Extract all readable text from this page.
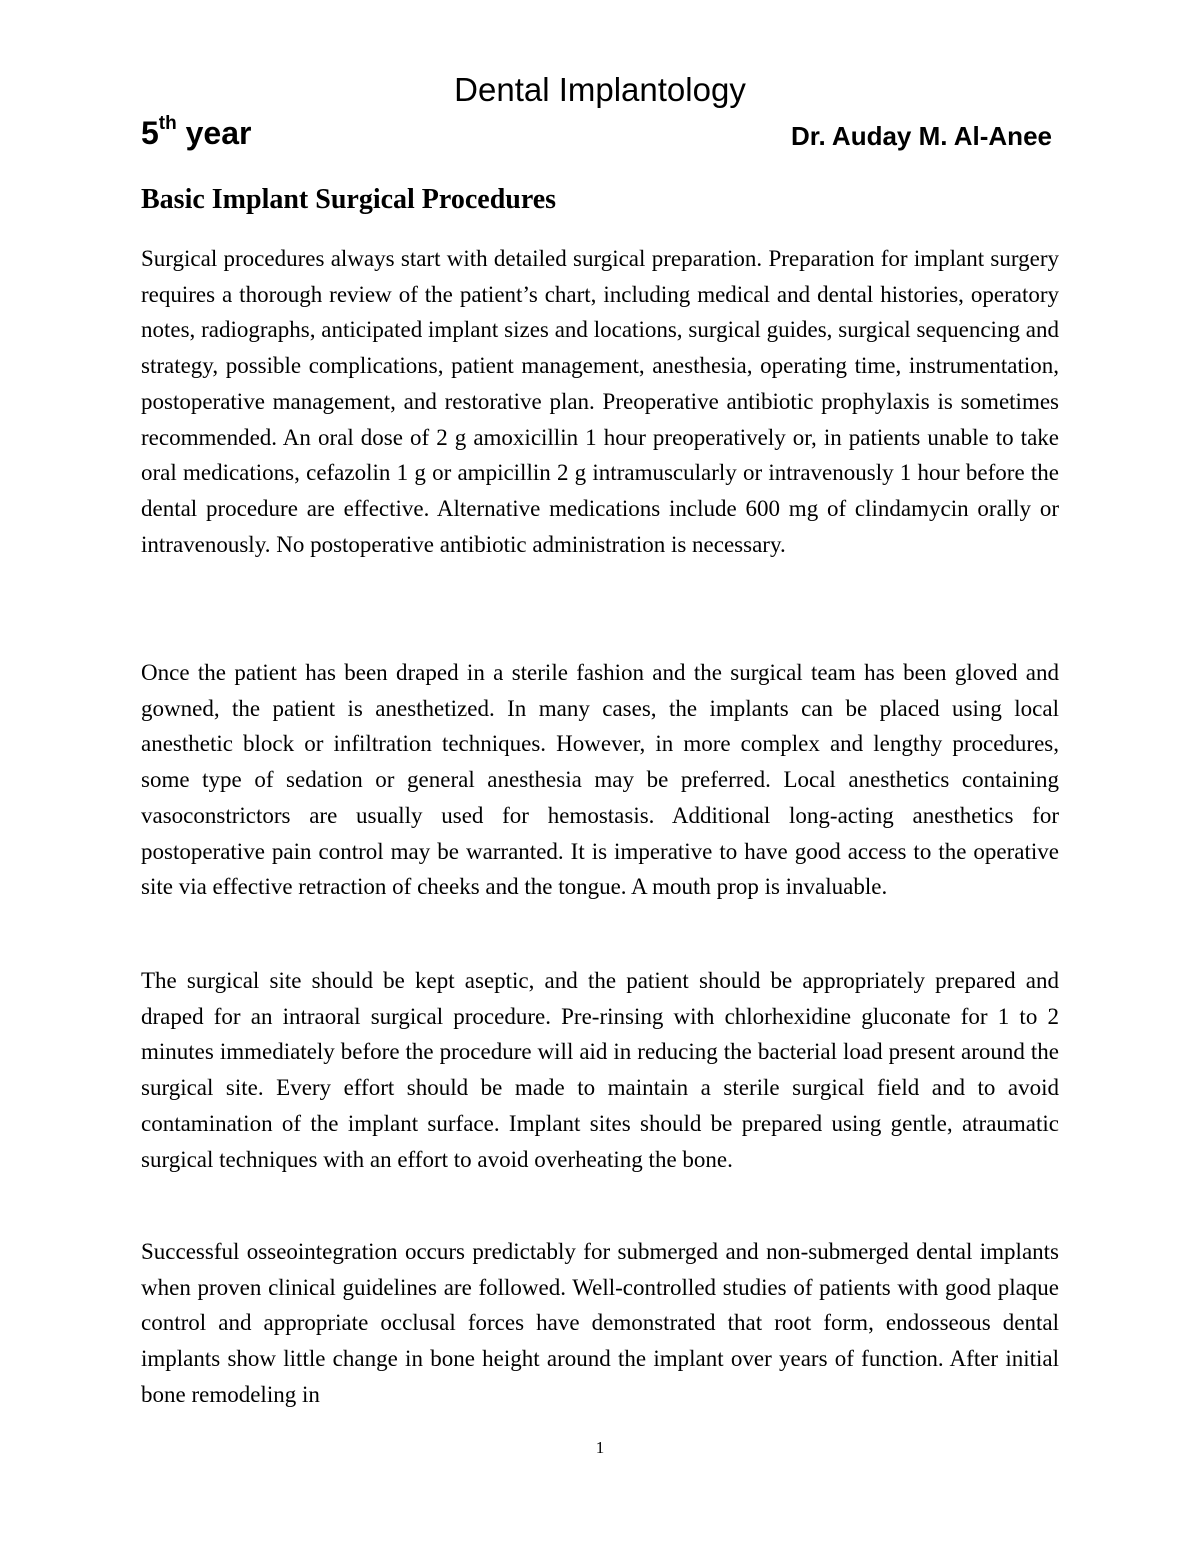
Dental Implantology
5th year	Dr. Auday M. Al-Anee
Basic Implant Surgical Procedures

Surgical procedures always start with detailed surgical preparation. Preparation for implant surgery requires a thorough review of the patient’s chart, including medical and dental histories, operatory notes, radiographs, anticipated implant sizes and locations, surgical guides, surgical sequencing and strategy, possible complications, patient management, anesthesia, operating time, instrumentation, postoperative management, and restorative plan. Preoperative antibiotic prophylaxis is sometimes recommended. An oral dose of 2 g amoxicillin 1 hour preoperatively or, in patients unable to take oral medications, cefazolin 1 g or ampicillin 2 g intramuscularly or intravenously 1 hour before the dental procedure are effective. Alternative medications include 600 mg of clindamycin orally or intravenously. No postoperative antibiotic administration is necessary.

Once the patient has been draped in a sterile fashion and the surgical team has been gloved and gowned, the patient is anesthetized. In many cases, the implants can be placed using local anesthetic block or infiltration techniques. However, in more complex and lengthy procedures, some type of sedation or general anesthesia may be preferred. Local anesthetics containing vasoconstrictors are usually used for hemostasis. Additional long-acting anesthetics for postoperative pain control may be warranted. It is imperative to have good access to the operative site via effective retraction of cheeks and the tongue. A mouth prop is invaluable.

The surgical site should be kept aseptic, and the patient should be appropriately prepared and draped for an intraoral surgical procedure. Pre-rinsing with chlorhexidine gluconate for 1 to 2 minutes immediately before the procedure will aid in reducing the bacterial load present around the surgical site. Every effort should be made to maintain a sterile surgical field and to avoid contamination of the implant surface. Implant sites should be prepared using gentle, atraumatic surgical techniques with an effort to avoid overheating the bone.

Successful osseointegration occurs predictably for submerged and non-submerged dental implants when proven clinical guidelines are followed. Well-controlled studies of patients with good plaque control and appropriate occlusal forces have demonstrated that root form, endosseous dental implants show little change in bone height around the implant over years of function. After initial bone remodeling in

1
